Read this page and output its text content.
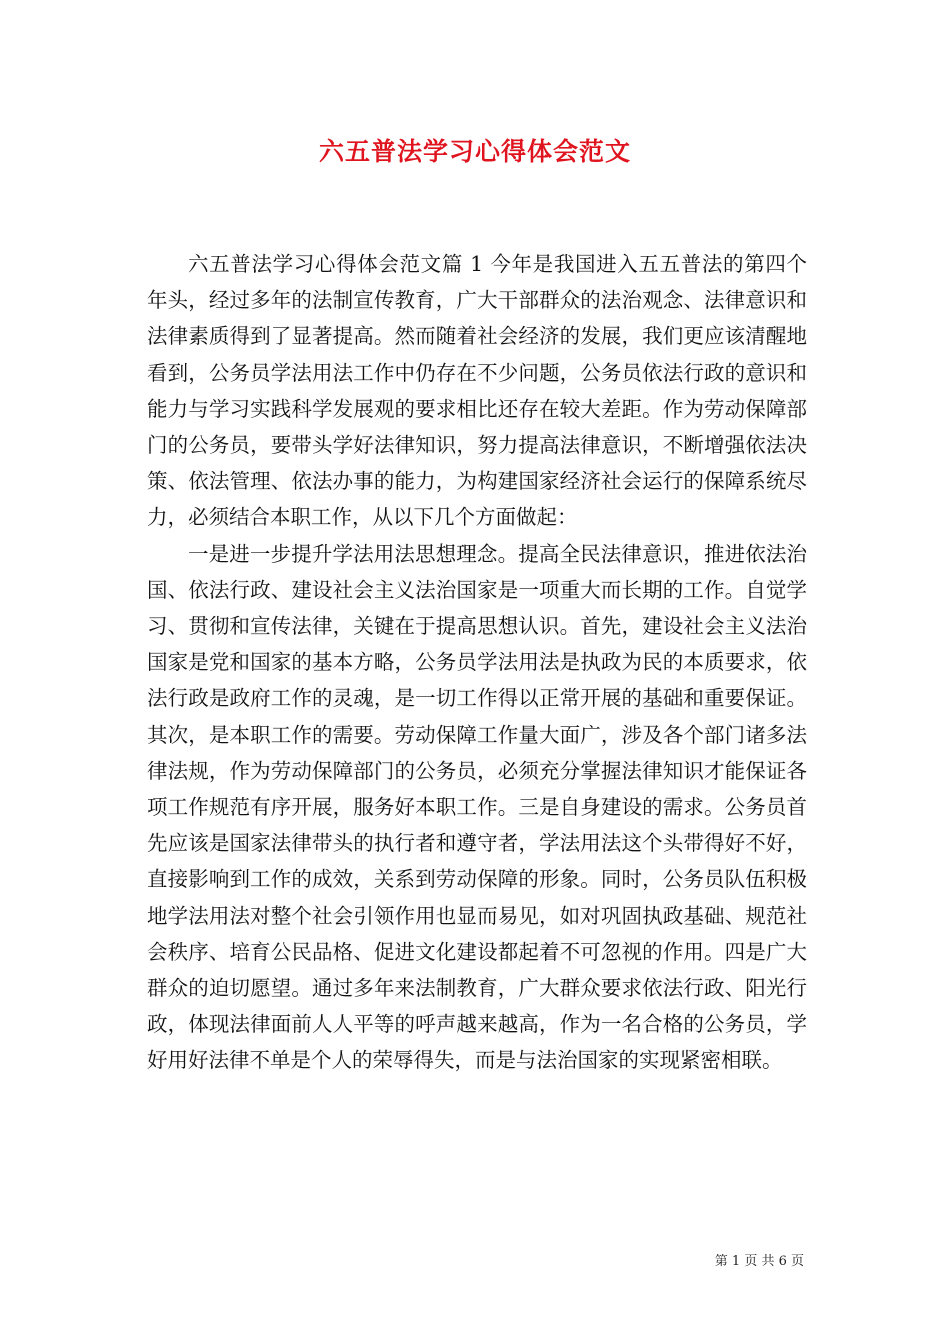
六五普法学习心得体会范文

六五普法学习心得体会范文篇 1 今年是我国进入五五普法的第四个年头，经过多年的法制宣传教育，广大干部群众的法治观念、法律意识和法律素质得到了显著提高。然而随着社会经济的发展，我们更应该清醒地看到，公务员学法用法工作中仍存在不少问题，公务员依法行政的意识和能力与学习实践科学发展观的要求相比还存在较大差距。作为劳动保障部门的公务员，要带头学好法律知识，努力提高法律意识，不断增强依法决策、依法管理、依法办事的能力，为构建国家经济社会运行的保障系统尽力，必须结合本职工作，从以下几个方面做起：

一是进一步提升学法用法思想理念。提高全民法律意识，推进依法治国、依法行政、建设社会主义法治国家是一项重大而长期的工作。自觉学习、贯彻和宣传法律，关键在于提高思想认识。首先，建设社会主义法治国家是党和国家的基本方略，公务员学法用法是执政为民的本质要求，依法行政是政府工作的灵魂，是一切工作得以正常开展的基础和重要保证。其次，是本职工作的需要。劳动保障工作量大面广，涉及各个部门诸多法律法规，作为劳动保障部门的公务员，必须充分掌握法律知识才能保证各项工作规范有序开展，服务好本职工作。三是自身建设的需求。公务员首先应该是国家法律带头的执行者和遵守者，学法用法这个头带得好不好，直接影响到工作的成效，关系到劳动保障的形象。同时，公务员队伍积极地学法用法对整个社会引领作用也显而易见，如对巩固执政基础、规范社会秩序、培育公民品格、促进文化建设都起着不可忽视的作用。四是广大群众的迫切愿望。通过多年来法制教育，广大群众要求依法行政、阳光行政，体现法律面前人人平等的呼声越来越高，作为一名合格的公务员，学好用好法律不单是个人的荣辱得失，而是与法治国家的实现紧密相联。

第 1 页 共 6 页
